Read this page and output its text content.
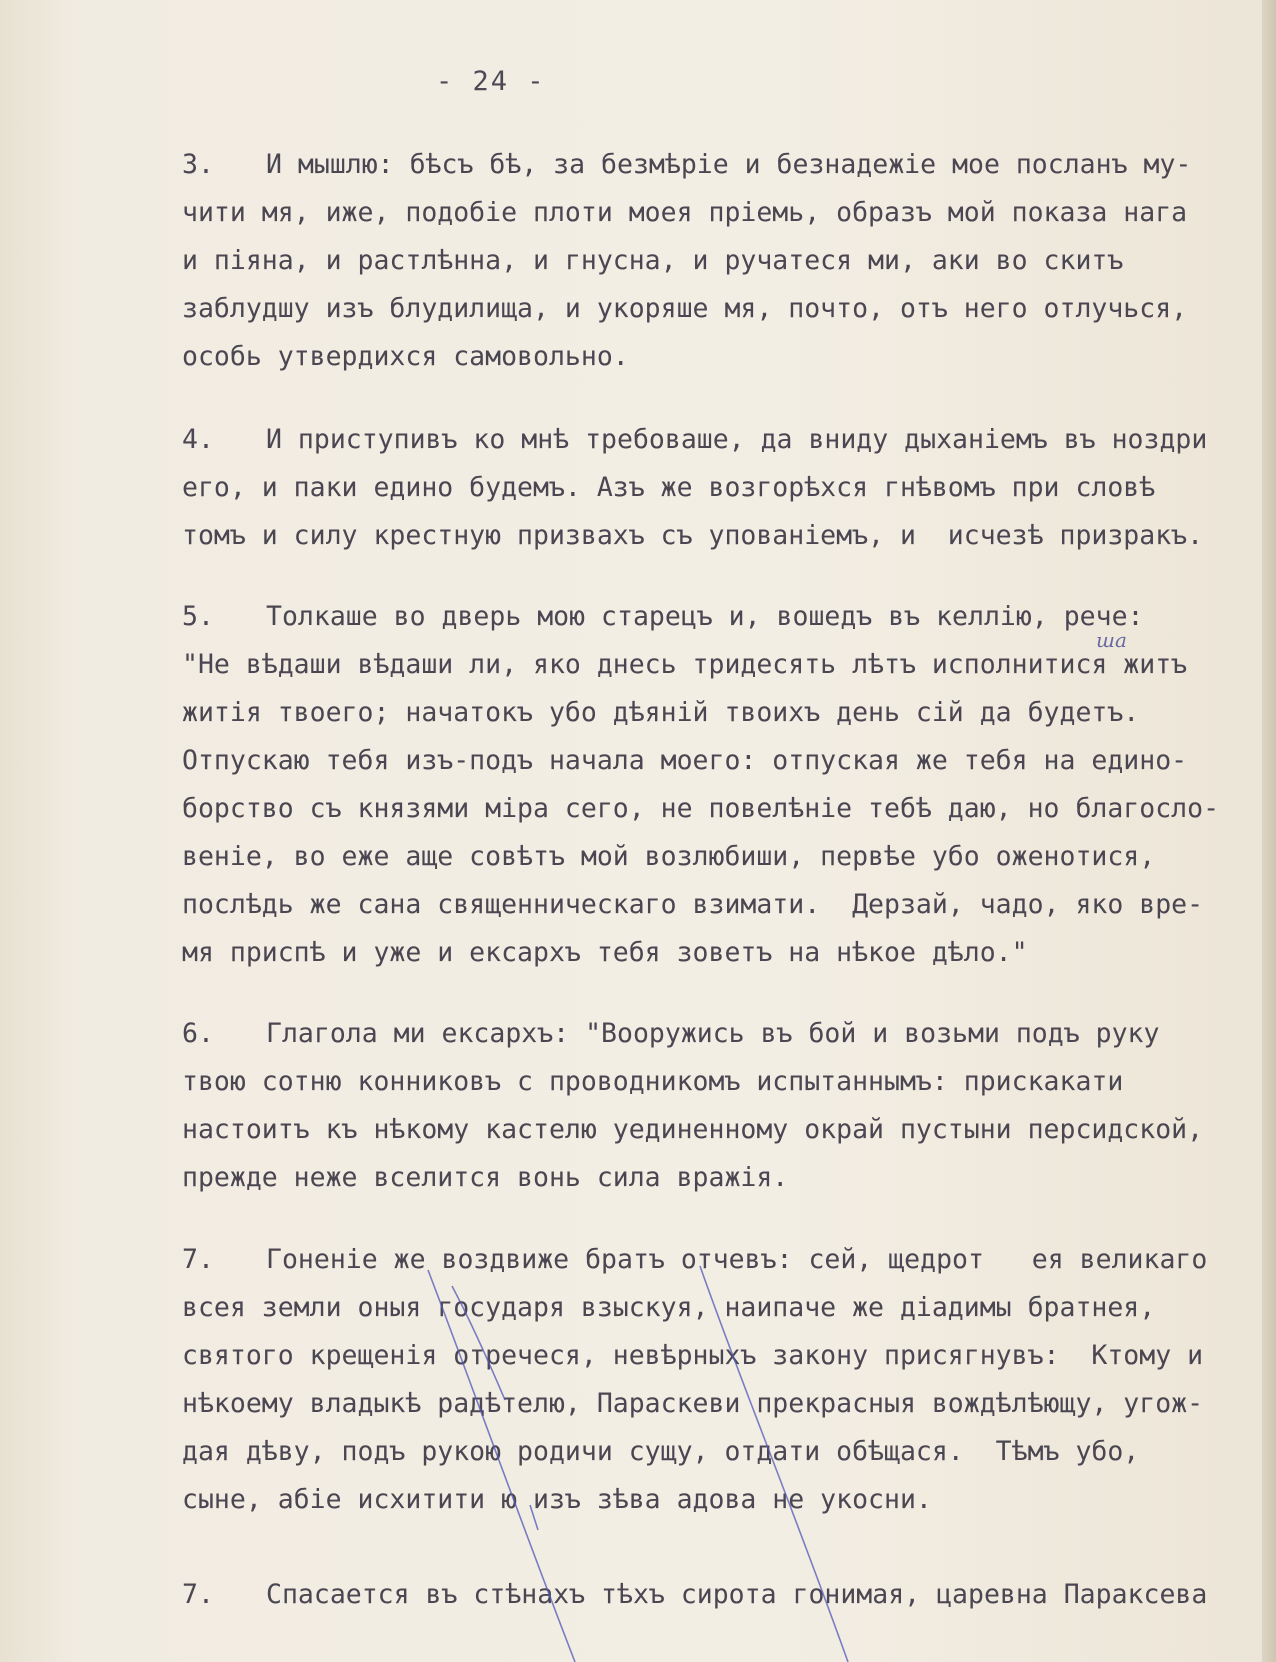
- 24 -
3. И мышлю: бѣсъ бѣ, за безмѣріе и безнадежіе мое посланъ му-
чити мя, иже, подобіе плоти моея пріемь, образъ мой показа нага
и піяна, и растлѣнна, и гнусна, и ручатеся ми, аки во скитъ
заблудшу изъ блудилища, и укоряше мя, почто, отъ него отлучься,
особь утвердихся самовольно.
4. И приступивъ ко мнѣ требоваше, да вниду дыханіемъ въ ноздри
его, и паки едино будемъ. Азъ же возгорѣхся гнѣвомъ при словѣ
томъ и силу крестную призвахъ съ упованіемъ, и  исчезѣ призракъ.
5. Толкаше во дверь мою старецъ и, вошедъ въ келлію, рече:
"Не вѣдаши вѣдаши ли, яко днесь тридесять лѣтъ исполнитися житъ
житія твоего; начатокъ убо дѣяній твоихъ день сій да будетъ.
Отпускаю тебя изъ-подъ начала моего: отпуская же тебя на едино-
борство съ князями міра сего, не повелѣніе тебѣ даю, но благосло-
веніе, во еже аще совѣтъ мой возлюбиши, первѣе убо оженотися,
послѣдь же сана священническаго взимати.  Дерзай, чадо, яко вре-
мя приспѣ и уже и ексархъ тебя зоветъ на нѣкое дѣло."
ша
6. Глагола ми ексархъ: "Вооружись въ бой и возьми подъ руку
твою сотню конниковъ с проводникомъ испытаннымъ: прискакати
настоитъ къ нѣкому кастелю уединенному окрай пустыни персидской,
прежде неже вселится вонь сила вражія.
7. Гоненіе же воздвиже братъ отчевъ: сей, щедрот   ея великаго
всея земли оныя государя взыскуя, наипаче же діадимы братнея,
святого крещенія отречеся, невѣрныхъ закону присягнувъ:  Ктому и
нѣкоему владыкѣ радѣтелю, Параскеви прекрасныя вождѣлѣющу, угож-
дая дѣву, подъ рукою родичи сущу, отдати обѣщася.  Тѣмъ убо,
сыне, абіе исхитити ю изъ зѣва адова не укосни.
7. Спасается въ стѣнахъ тѣхъ сирота гонимая, царевна Параксева
